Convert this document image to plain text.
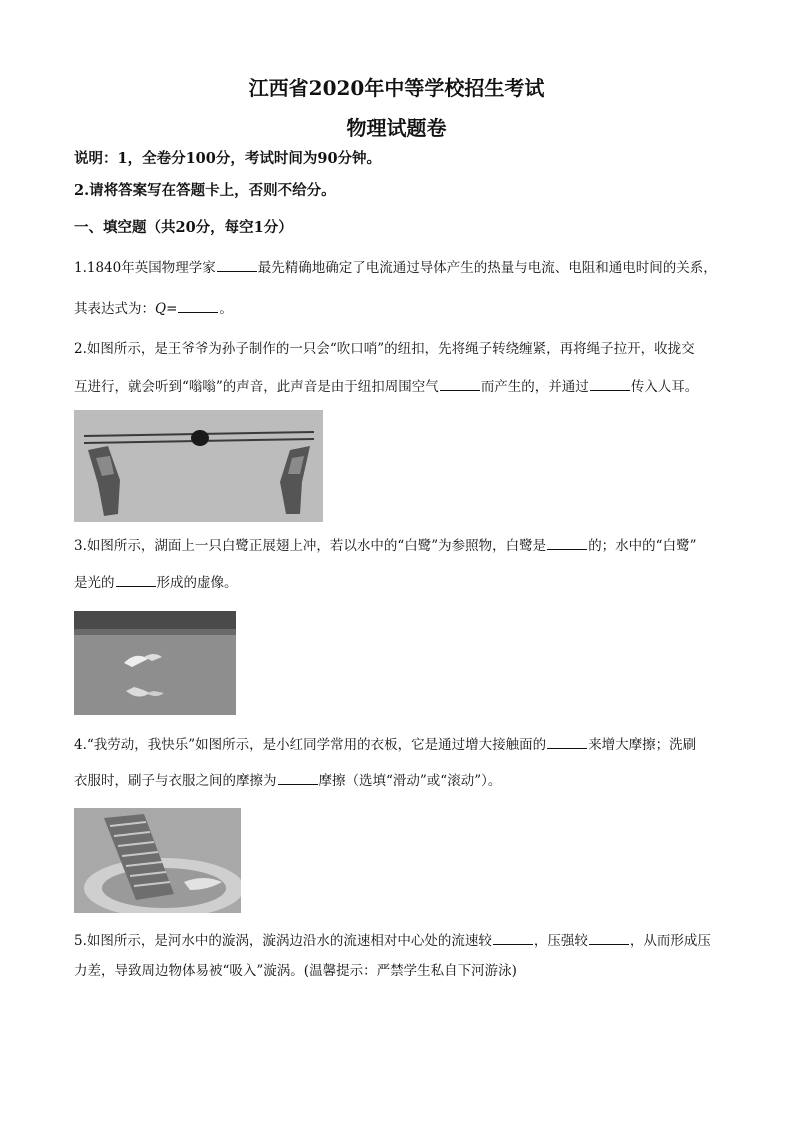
江西省2020年中等学校招生考试
物理试题卷
说明：1，全卷分100分，考试时间为90分钟。
2.请将答案写在答题卡上，否则不给分。
一、填空题（共20分，每空1分）
1.1840年英国物理学家	最先精确地确定了电流通过导体产生的热量与电流、电阻和通电时间的关系，
其表达式为：Q=	。
2.如图所示，是王爷爷为孙子制作的一只会“吹口哨”的纽扣，先将绳子转绕缠紧，再将绳子拉开，收拢交
互进行，就会听到“嗡嗡”的声音，此声音是由于纽扣周围空气	而产生的，并通过	传入人耳。
3.如图所示，湖面上一只白鹭正展翅上冲，若以水中的“白鹭”为参照物，白鹭是	的；水中的“白鹭”
是光的	形成的虚像。
4.“我劳动，我快乐”如图所示，是小红同学常用的衣板，它是通过增大接触面的	来增大摩擦；洗刷
衣服时，刷子与衣服之间的摩擦为	摩擦（选填“滑动”或“滚动”）。
5.如图所示，是河水中的漩涡，漩涡边沿水的流速相对中心处的流速较	，压强较	，从而形成压
力差，导致周边物体易被“吸入”漩涡。(温馨提示：严禁学生私自下河游泳)
